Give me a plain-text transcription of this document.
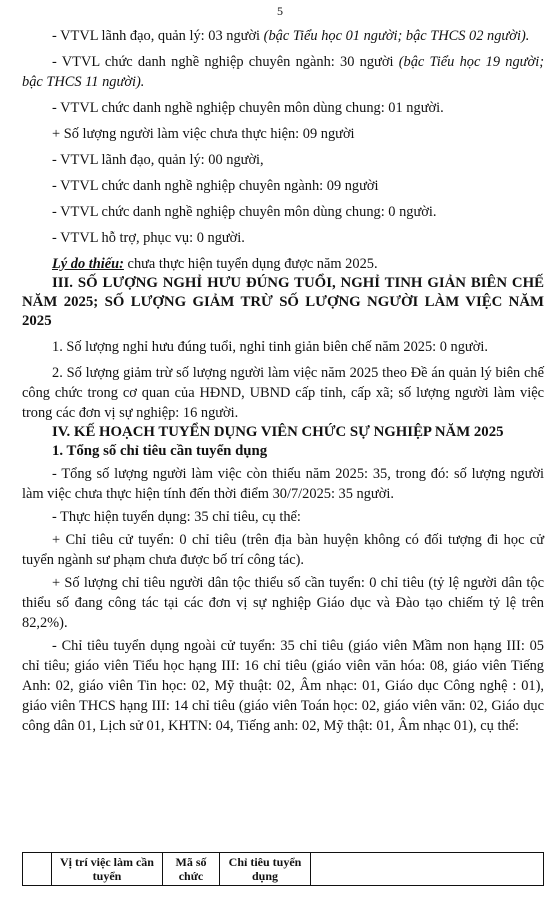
5

- VTVL lãnh đạo, quản lý: 03 người (bậc Tiểu học 01 người; bậc THCS 02 người).

- VTVL chức danh nghề nghiệp chuyên ngành: 30 người (bậc Tiểu học 19 người; bậc THCS 11 người).

- VTVL chức danh nghề nghiệp chuyên môn dùng chung: 01 người.

+ Số lượng người làm việc chưa thực hiện: 09 người

- VTVL lãnh đạo, quản lý: 00 người,

- VTVL chức danh nghề nghiệp chuyên ngành: 09 người

- VTVL chức danh nghề nghiệp chuyên môn dùng chung: 0 người.

- VTVL hỗ trợ, phục vụ: 0 người.

Lý do thiếu: chưa thực hiện tuyển dụng được năm 2025.

III. SỐ LƯỢNG NGHỈ HƯU ĐÚNG TUỔI, NGHỈ TINH GIẢN BIÊN CHẾ NĂM 2025; SỐ LƯỢNG GIẢM TRỪ SỐ LƯỢNG NGƯỜI LÀM VIỆC NĂM 2025

1. Số lượng nghỉ hưu đúng tuổi, nghỉ tinh giản biên chế năm 2025: 0 người.

2. Số lượng giảm trừ số lượng người làm việc năm 2025 theo Đề án quản lý biên chế công chức trong cơ quan của HĐND, UBND cấp tỉnh, cấp xã; số lượng người làm việc trong các đơn vị sự nghiệp: 16 người.

IV. KẾ HOẠCH TUYỂN DỤNG VIÊN CHỨC SỰ NGHIỆP NĂM 2025

1. Tổng số chỉ tiêu cần tuyển dụng

- Tổng số lượng người làm việc còn thiếu năm 2025: 35, trong đó: số lượng người làm việc chưa thực hiện tính đến thời điểm 30/7/2025: 35 người.

- Thực hiện tuyển dụng: 35 chỉ tiêu, cụ thể:

+ Chỉ tiêu cử tuyển: 0 chỉ tiêu (trên địa bàn huyện không có đối tượng đi học cử tuyển ngành sư phạm chưa được bố trí công tác).

+ Số lượng chỉ tiêu người dân tộc thiểu số cần tuyển: 0 chỉ tiêu (tỷ lệ người dân tộc thiểu số đang công tác tại các đơn vị sự nghiệp Giáo dục và Đào tạo chiếm tỷ lệ trên 82,2%).

- Chỉ tiêu tuyển dụng ngoài cử tuyển: 35 chỉ tiêu (giáo viên Mầm non hạng III: 05 chỉ tiêu; giáo viên Tiểu học hạng III: 16 chỉ tiêu (giáo viên văn hóa: 08, giáo viên Tiếng Anh: 02, giáo viên Tin học: 02, Mỹ thuật: 02, Âm nhạc: 01, Giáo dục Công nghệ : 01), giáo viên THCS hạng III: 14 chỉ tiêu (giáo viên Toán học: 02, giáo viên văn: 02, Giáo dục công dân 01, Lịch sử 01, KHTN: 04, Tiếng anh: 02, Mỹ thật: 01, Âm nhạc 01), cụ thể:

	Vị trí việc làm cần tuyển	Mã số chức	Chỉ tiêu tuyển dụng	
